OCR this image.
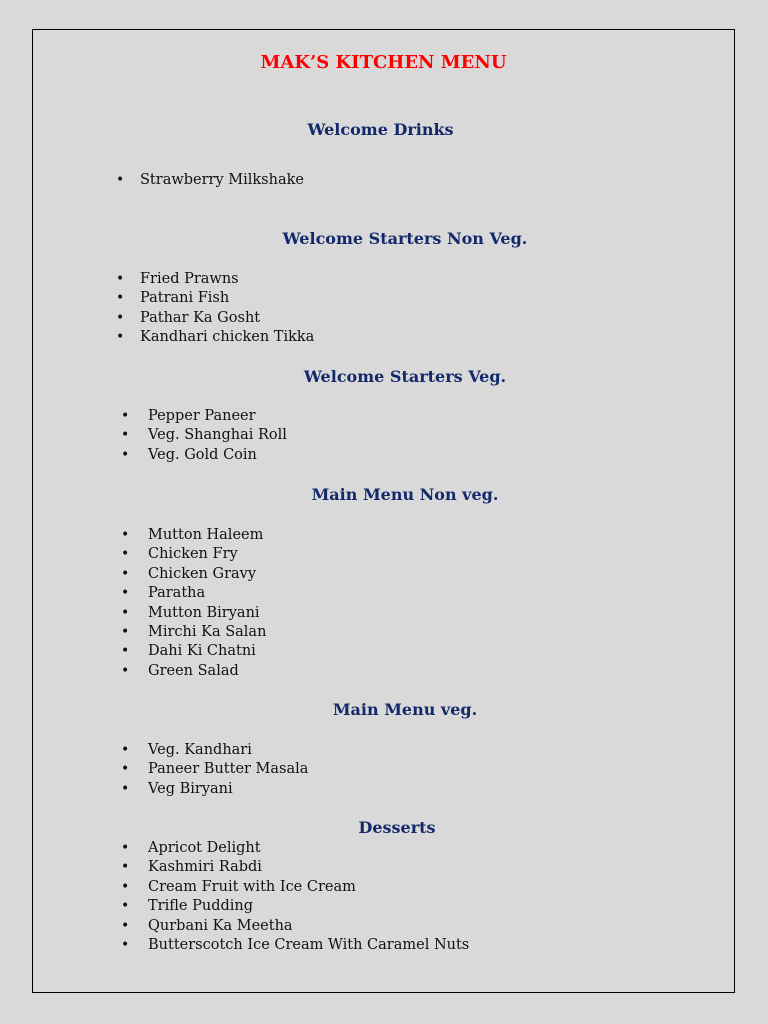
MAK’S KITCHEN MENU
Welcome Drinks
• Strawberry Milkshake
Welcome Starters Non Veg.
• Fried Prawns
• Patrani Fish
• Pathar Ka Gosht
• Kandhari chicken Tikka
Welcome Starters Veg.
• Pepper Paneer
• Veg. Shanghai Roll
• Veg. Gold Coin
Main Menu Non veg.
• Mutton Haleem
• Chicken Fry
• Chicken Gravy
• Paratha
• Mutton Biryani
• Mirchi Ka Salan
• Dahi Ki Chatni
• Green Salad
Main Menu veg.
• Veg. Kandhari
• Paneer Butter Masala
• Veg Biryani
Desserts
• Apricot Delight
• Kashmiri Rabdi
• Cream Fruit with Ice Cream
• Trifle Pudding
• Qurbani Ka Meetha
• Butterscotch Ice Cream With Caramel Nuts
